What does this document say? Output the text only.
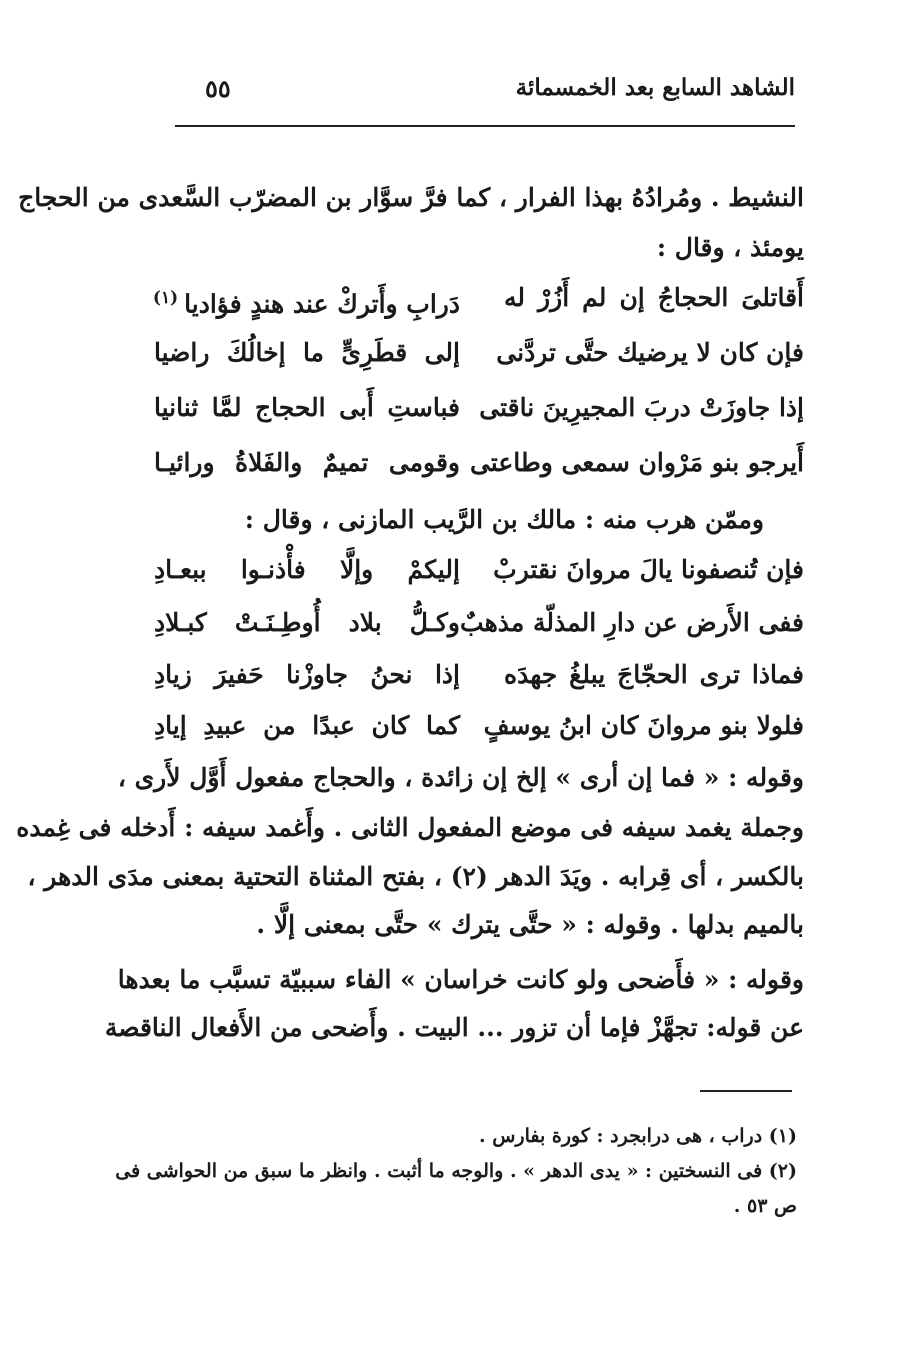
الشاهد السابع بعد الخمسمائة
٥٥
النشيط . ومُرادُهُ بهذا الفرار ، كما فرَّ سوَّار بن المضرّب السَّعدى من الحجاج
يومئذ ، وقال :
أَقاتلىَ الحجاجُ إن لم أَزُرْ له
دَرابِ وأَتركْ عند هندٍ فؤاديا$^{(١)}$
فإن كان لا يرضيك حتَّى تردَّنى
إلى قطَرِىٍّ ما إخالُكَ راضيا
إذا جاوزَتْ دربَ المجيرِينَ ناقتى
فباستِ أَبى الحجاج لمَّا ثنانيا
أَيرجو بنو مَرْوان سمعى وطاعتى
وقومى تميمٌ والفَلاةُ ورائيـا
وممّن هرب منه : مالك بن الرَّيب المازنى ، وقال :
فإن تُنصفونا يالَ مروانَ نقتربْ
إليكمْ وإلَّا فأْذنـوا ببعـادِ
ففى الأَرض عن دارِ المذلّة مذهبٌ
وكـلُّ بلاد أُوطِـنَـتْ كبـلادِ
فماذا ترى الحجّاجَ يبلغُ جهدَه
إذا نحنُ جاوزْنا حَفيرَ زيادِ
فلولا بنو مروانَ كان ابنُ يوسفٍ
كما كان عبدًا من عبيدِ إيادِ
وقوله : « فما إن أرى » إلخ إن زائدة ، والحجاج مفعول أَوَّل لأَرى ،
وجملة يغمد سيفه فى موضع المفعول الثانى . وأَغمد سيفه : أَدخله فى غِمده
بالكسر ، أى قِرابه . ويَدَ الدهر (٢) ، بفتح المثناة التحتية بمعنى مدَى الدهر ،
بالميم بدلها . وقوله : « حتَّى يترك » حتَّى بمعنى إلَّا .
وقوله : « فأَضحى ولو كانت خراسان » الفاء سببيّة تسبَّب ما بعدها
عن قوله: تجهَّزْ فإما أن تزور ... البيت . وأَضحى من الأَفعال الناقصة
(١) دراب ، هى درابجرد : كورة بفارس .
(٢) فى النسختين : « يدى الدهر » . والوجه ما أثبت . وانظر ما سبق من الحواشى فى
ص ٥٣ .
